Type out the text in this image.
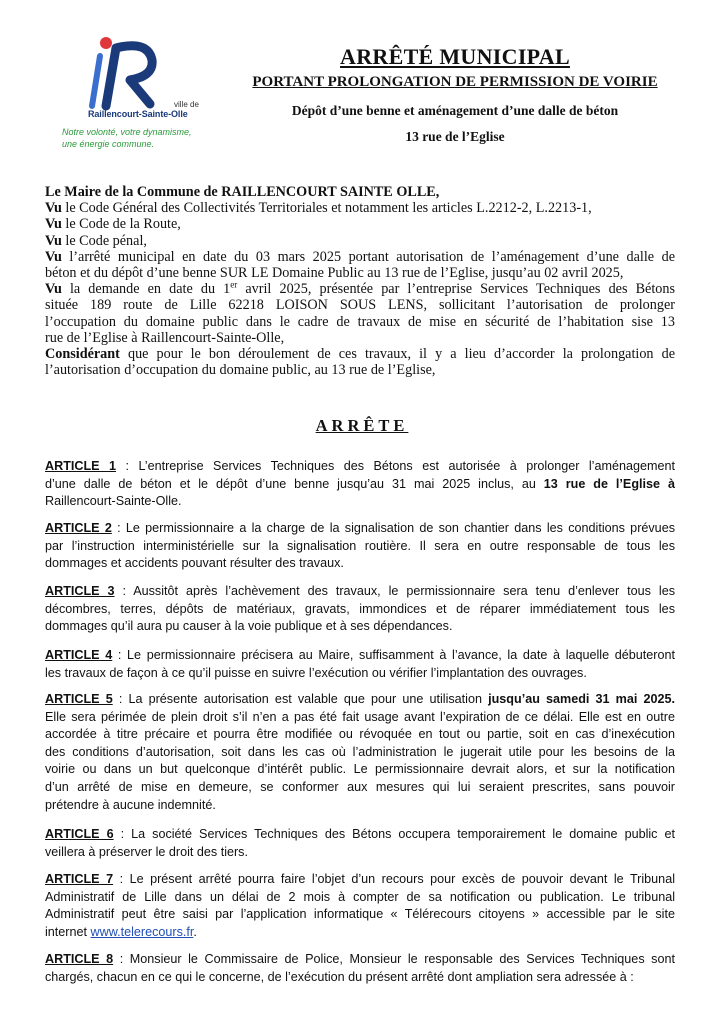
ville de
Raillencourt-Sainte-Olle
Notre volonté, votre dynamisme,
une énergie commune.
ARRÊTÉ MUNICIPAL
PORTANT PROLONGATION DE PERMISSION DE VOIRIE
Dépôt d’une benne et aménagement d’une dalle de béton
13 rue de l’Eglise
Le Maire de la Commune de RAILLENCOURT SAINTE OLLE,
Vu le Code Général des Collectivités Territoriales et notamment les articles L.2212-2, L.2213-1,
Vu le Code de la Route,
Vu le Code pénal,
Vu l’arrêté municipal en date du 03 mars 2025 portant autorisation de l’aménagement d’une dalle de
béton et du dépôt d’une benne SUR LE Domaine Public au 13 rue de l’Eglise, jusqu’au 02 avril 2025,
Vu la demande en date du 1er avril 2025, présentée par l’entreprise Services Techniques des Bétons
située 189 route de Lille 62218 LOISON SOUS LENS, sollicitant l’autorisation de prolonger
l’occupation du domaine public dans le cadre de travaux de mise en sécurité de l’habitation sise 13
rue de l’Eglise à Raillencourt-Sainte-Olle,
Considérant que pour le bon déroulement de ces travaux, il y a lieu d’accorder la prolongation de
l’autorisation d’occupation du domaine public, au 13 rue de l’Eglise,
ARRÊTE
ARTICLE 1 : L’entreprise Services Techniques des Bétons est autorisée à prolonger l’aménagement
d’une dalle de béton et le dépôt d’une benne jusqu’au 31 mai 2025 inclus, au 13 rue de l’Eglise à
Raillencourt-Sainte-Olle.
ARTICLE 2 : Le permissionnaire a la charge de la signalisation de son chantier dans les conditions prévues
par l’instruction interministérielle sur la signalisation routière. Il sera en outre responsable de tous les
dommages et accidents pouvant résulter des travaux.
ARTICLE 3 : Aussitôt après l’achèvement des travaux, le permissionnaire sera tenu d’enlever tous les
décombres, terres, dépôts de matériaux, gravats, immondices et de réparer immédiatement tous les
dommages qu’il aura pu causer à la voie publique et à ses dépendances.
ARTICLE 4 : Le permissionnaire précisera au Maire, suffisamment à l’avance, la date à laquelle débuteront
les travaux de façon à ce qu’il puisse en suivre l’exécution ou vérifier l’implantation des ouvrages.
ARTICLE 5 : La présente autorisation est valable que pour une utilisation jusqu’au samedi 31 mai 2025.
Elle sera périmée de plein droit s’il n’en a pas été fait usage avant l’expiration de ce délai. Elle est en outre
accordée à titre précaire et pourra être modifiée ou révoquée en tout ou partie, soit en cas d’inexécution
des conditions d’autorisation, soit dans les cas où l’administration le jugerait utile pour les besoins de la
voirie ou dans un but quelconque d’intérêt public. Le permissionnaire devrait alors, et sur la notification
d’un arrêté de mise en demeure, se conformer aux mesures qui lui seraient prescrites, sans pouvoir
prétendre à aucune indemnité.
ARTICLE 6 : La société Services Techniques des Bétons occupera temporairement le domaine public et
veillera à préserver le droit des tiers.
ARTICLE 7 : Le présent arrêté pourra faire l’objet d’un recours pour excès de pouvoir devant le Tribunal
Administratif de Lille dans un délai de 2 mois à compter de sa notification ou publication. Le tribunal
Administratif peut être saisi par l’application informatique « Télérecours citoyens » accessible par le site
internet www.telerecours.fr.
ARTICLE 8 : Monsieur le Commissaire de Police, Monsieur le responsable des Services Techniques sont
chargés, chacun en ce qui le concerne, de l’exécution du présent arrêté dont ampliation sera adressée à :
